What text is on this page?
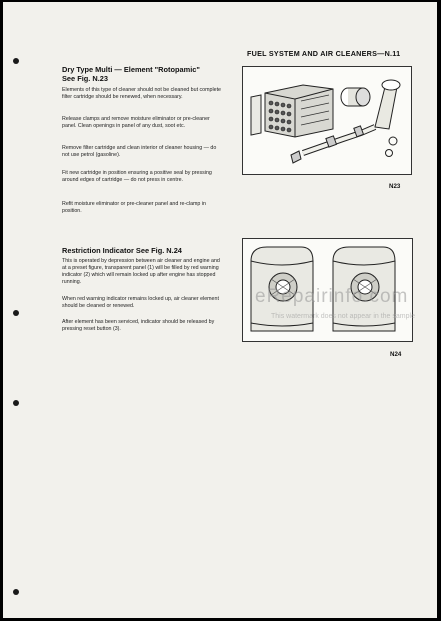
FUEL SYSTEM AND AIR CLEANERS—N.11
Dry Type Multi — Element "Rotopamic"
See Fig. N.23
Elements of this type of cleaner should not be cleaned but complete filter cartridge should be renewed, when necessary.
Release clamps and remove moisture eliminator or pre-cleaner panel. Clean openings in panel of any dust, soot etc.
Remove filter cartridge and clean interior of cleaner housing — do not use petrol (gasoline).
Fit new cartridge in position ensuring a positive seal by pressing around edges of cartridge — do not press in centre.
Refit moisture eliminator or pre-cleaner panel and re-clamp in position.
Restriction Indicator See Fig. N.24
This is operated by depression between air cleaner and engine and at a preset figure, transparent panel (1) will be filled by red warning indicator (2) which will remain locked up after engine has stopped running.
When red warning indicator remains locked up, air cleaner element should be cleaned or renewed.
After element has been serviced, indicator should be released by pressing reset button (3).
N23
N24
eRepairinfo.com
This watermark does not appear in the sample
